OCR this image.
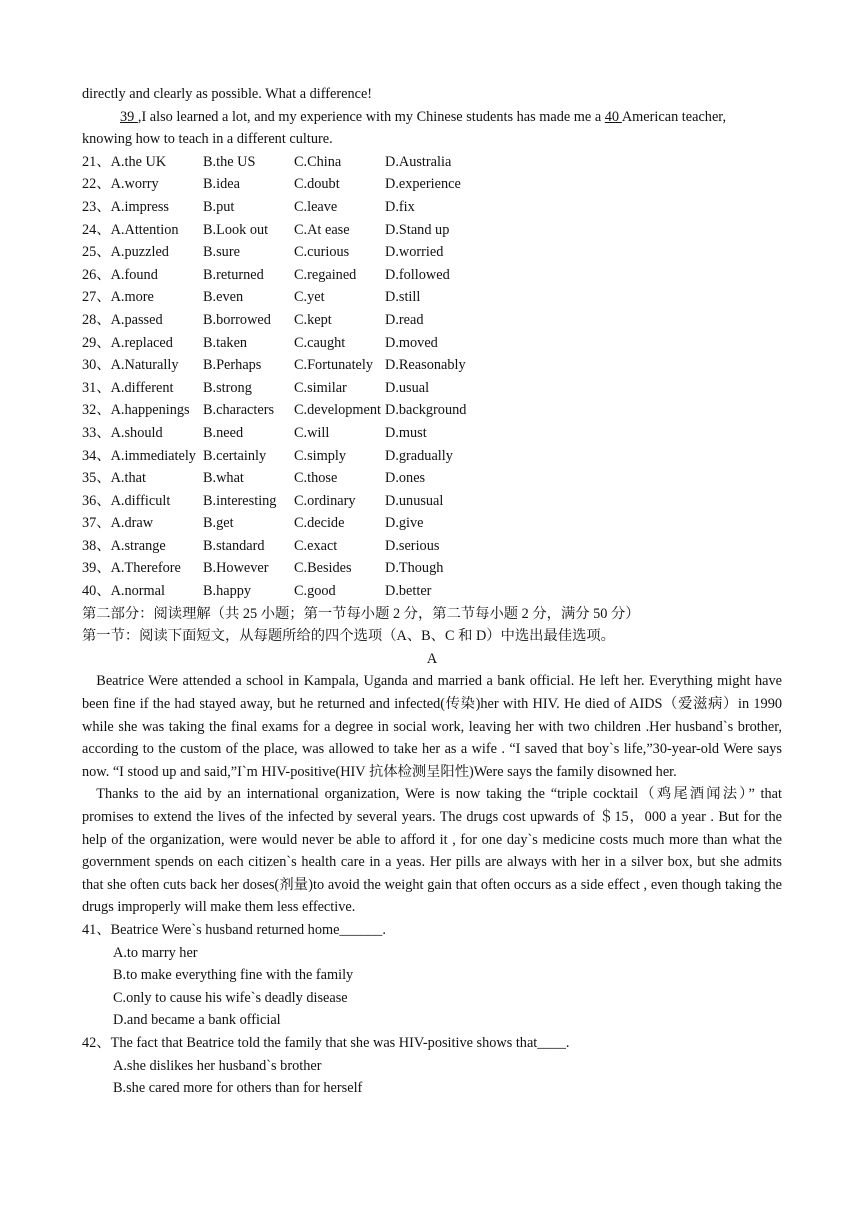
directly and clearly as possible. What a difference!
39 ,I also learned a lot, and my experience with my Chinese students has made me a 40 American teacher,
knowing how to teach in a different culture.
21、A.the UK	B.the US	C.China	D.Australia
22、A.worry	B.idea	C.doubt	D.experience
23、A.impress	B.put	C.leave	D.fix
24、A.Attention	B.Look out	C.At ease	D.Stand up
25、A.puzzled	B.sure	C.curious	D.worried
26、A.found	B.returned	C.regained	D.followed
27、A.more	B.even	C.yet	D.still
28、A.passed	B.borrowed	C.kept	D.read
29、A.replaced	B.taken	C.caught	D.moved
30、A.Naturally	B.Perhaps	C.Fortunately D.Reasonably
31、A.different	B.strong	C.similar	D.usual
32、A.happenings B.characters	C.development D.background
33、A.should	B.need	C.will	D.must
34、A.immediately B.certainly	C.simply	D.gradually
35、A.that	B.what	C.those	D.ones
36、A.difficult	B.interesting	C.ordinary	D.unusual
37、A.draw	B.get	C.decide	D.give
38、A.strange	B.standard	C.exact	D.serious
39、A.Therefore	B.However	C.Besides	D.Though
40、A.normal	B.happy	C.good	D.better
第二部分：阅读理解（共 25 小题；第一节每小题 2 分，第二节每小题 2 分，满分 50 分）
第一节：阅读下面短文，从每题所给的四个选项（A、B、C 和 D）中选出最佳选项。
A
Beatrice Were attended a school in Kampala, Uganda and married a bank official. He left her. Everything might have been fine if the had stayed away, but he returned and infected(传染)her with HIV. He died of AIDS（爱滋病）in 1990 while she was taking the final exams for a degree in social work, leaving her with two children .Her husband`s brother, according to the custom of the place, was allowed to take her as a wife . “I saved that boy`s life,”30-year-old Were says now. “I stood up and said,”I`m HIV-positive(HIV 抗体检测呈阳性)Were says the family disowned her.
Thanks to the aid by an international organization, Were is now taking the “triple cocktail（鸡尾酒闻法）” that promises to extend the lives of the infected by several years. The drugs cost upwards of ＄15，000 a year . But for the help of the organization, were would never be able to afford it , for one day`s medicine costs much more than what the government spends on each citizen`s health care in a yeas. Her pills are always with her in a silver box, but she admits that she often cuts back her doses(剂量)to avoid the weight gain that often occurs as a side effect , even though taking the drugs improperly will make them less effective.
41、Beatrice Were`s husband returned home______.
A.to marry her
B.to make everything fine with the family
C.only to cause his wife`s deadly disease
D.and became a bank official
42、The fact that Beatrice told the family that she was HIV-positive shows that____.
A.she dislikes her husband`s brother
B.she cared more for others than for herself
